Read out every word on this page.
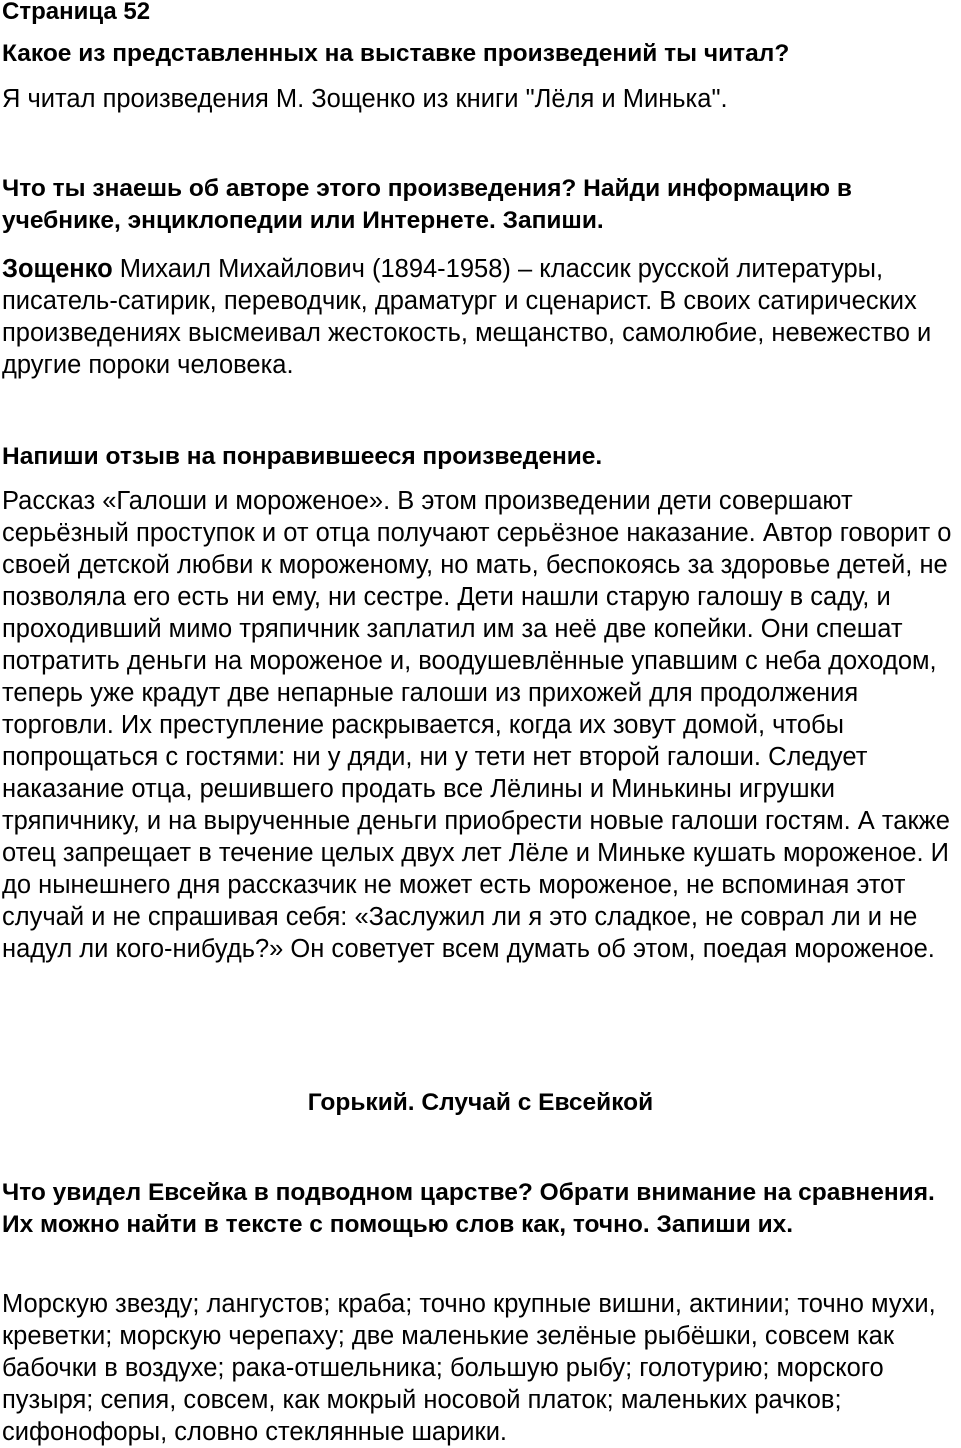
Страница 52

Какое из представленных на выставке произведений ты читал?

Я читал произведения М. Зощенко из книги "Лёля и Минька".

Что ты знаешь об авторе этого произведения? Найди информацию в учебнике, энциклопедии или Интернете. Запиши.

Зощенко Михаил Михайлович (1894-1958) – классик русской литературы, писатель-сатирик, переводчик, драматург и сценарист. В своих сатирических произведениях высмеивал жестокость, мещанство, самолюбие, невежество и другие пороки человека.

Напиши отзыв на понравившееся произведение.

Рассказ «Галоши и мороженое». В этом произведении дети совершают серьёзный проступок и от отца получают серьёзное наказание. Автор говорит о своей детской любви к мороженому, но мать, беспокоясь за здоровье детей, не позволяла его есть ни ему, ни сестре. Дети нашли старую галошу в саду, и проходивший мимо тряпичник заплатил им за неё две копейки. Они спешат потратить деньги на мороженое и, воодушевлённые упавшим с неба доходом, теперь уже крадут две непарные галоши из прихожей для продолжения торговли. Их преступление раскрывается, когда их зовут домой, чтобы попрощаться с гостями: ни у дяди, ни у тети нет второй галоши. Следует наказание отца, решившего продать все Лёлины и Минькины игрушки тряпичнику, и на вырученные деньги приобрести новые галоши гостям. А также отец запрещает в течение целых двух лет Лёле и Миньке кушать мороженое. И до нынешнего дня рассказчик не может есть мороженое, не вспоминая этот случай и не спрашивая себя: «Заслужил ли я это сладкое, не соврал ли и не надул ли кого-нибудь?» Он советует всем думать об этом, поедая мороженое.

Горький. Случай с Евсейкой

Что увидел Евсейка в подводном царстве? Обрати внимание на сравнения. Их можно найти в тексте с помощью слов как, точно. Запиши их.

Морскую звезду; лангустов; краба; точно крупные вишни, актинии; точно мухи, креветки; морскую черепаху; две маленькие зелёные рыбёшки, совсем как бабочки в воздухе; рака-отшельника; большую рыбу; голотурию; морского пузыря; сепия, совсем, как мокрый носовой платок; маленьких рачков; сифонофоры, словно стеклянные шарики.
